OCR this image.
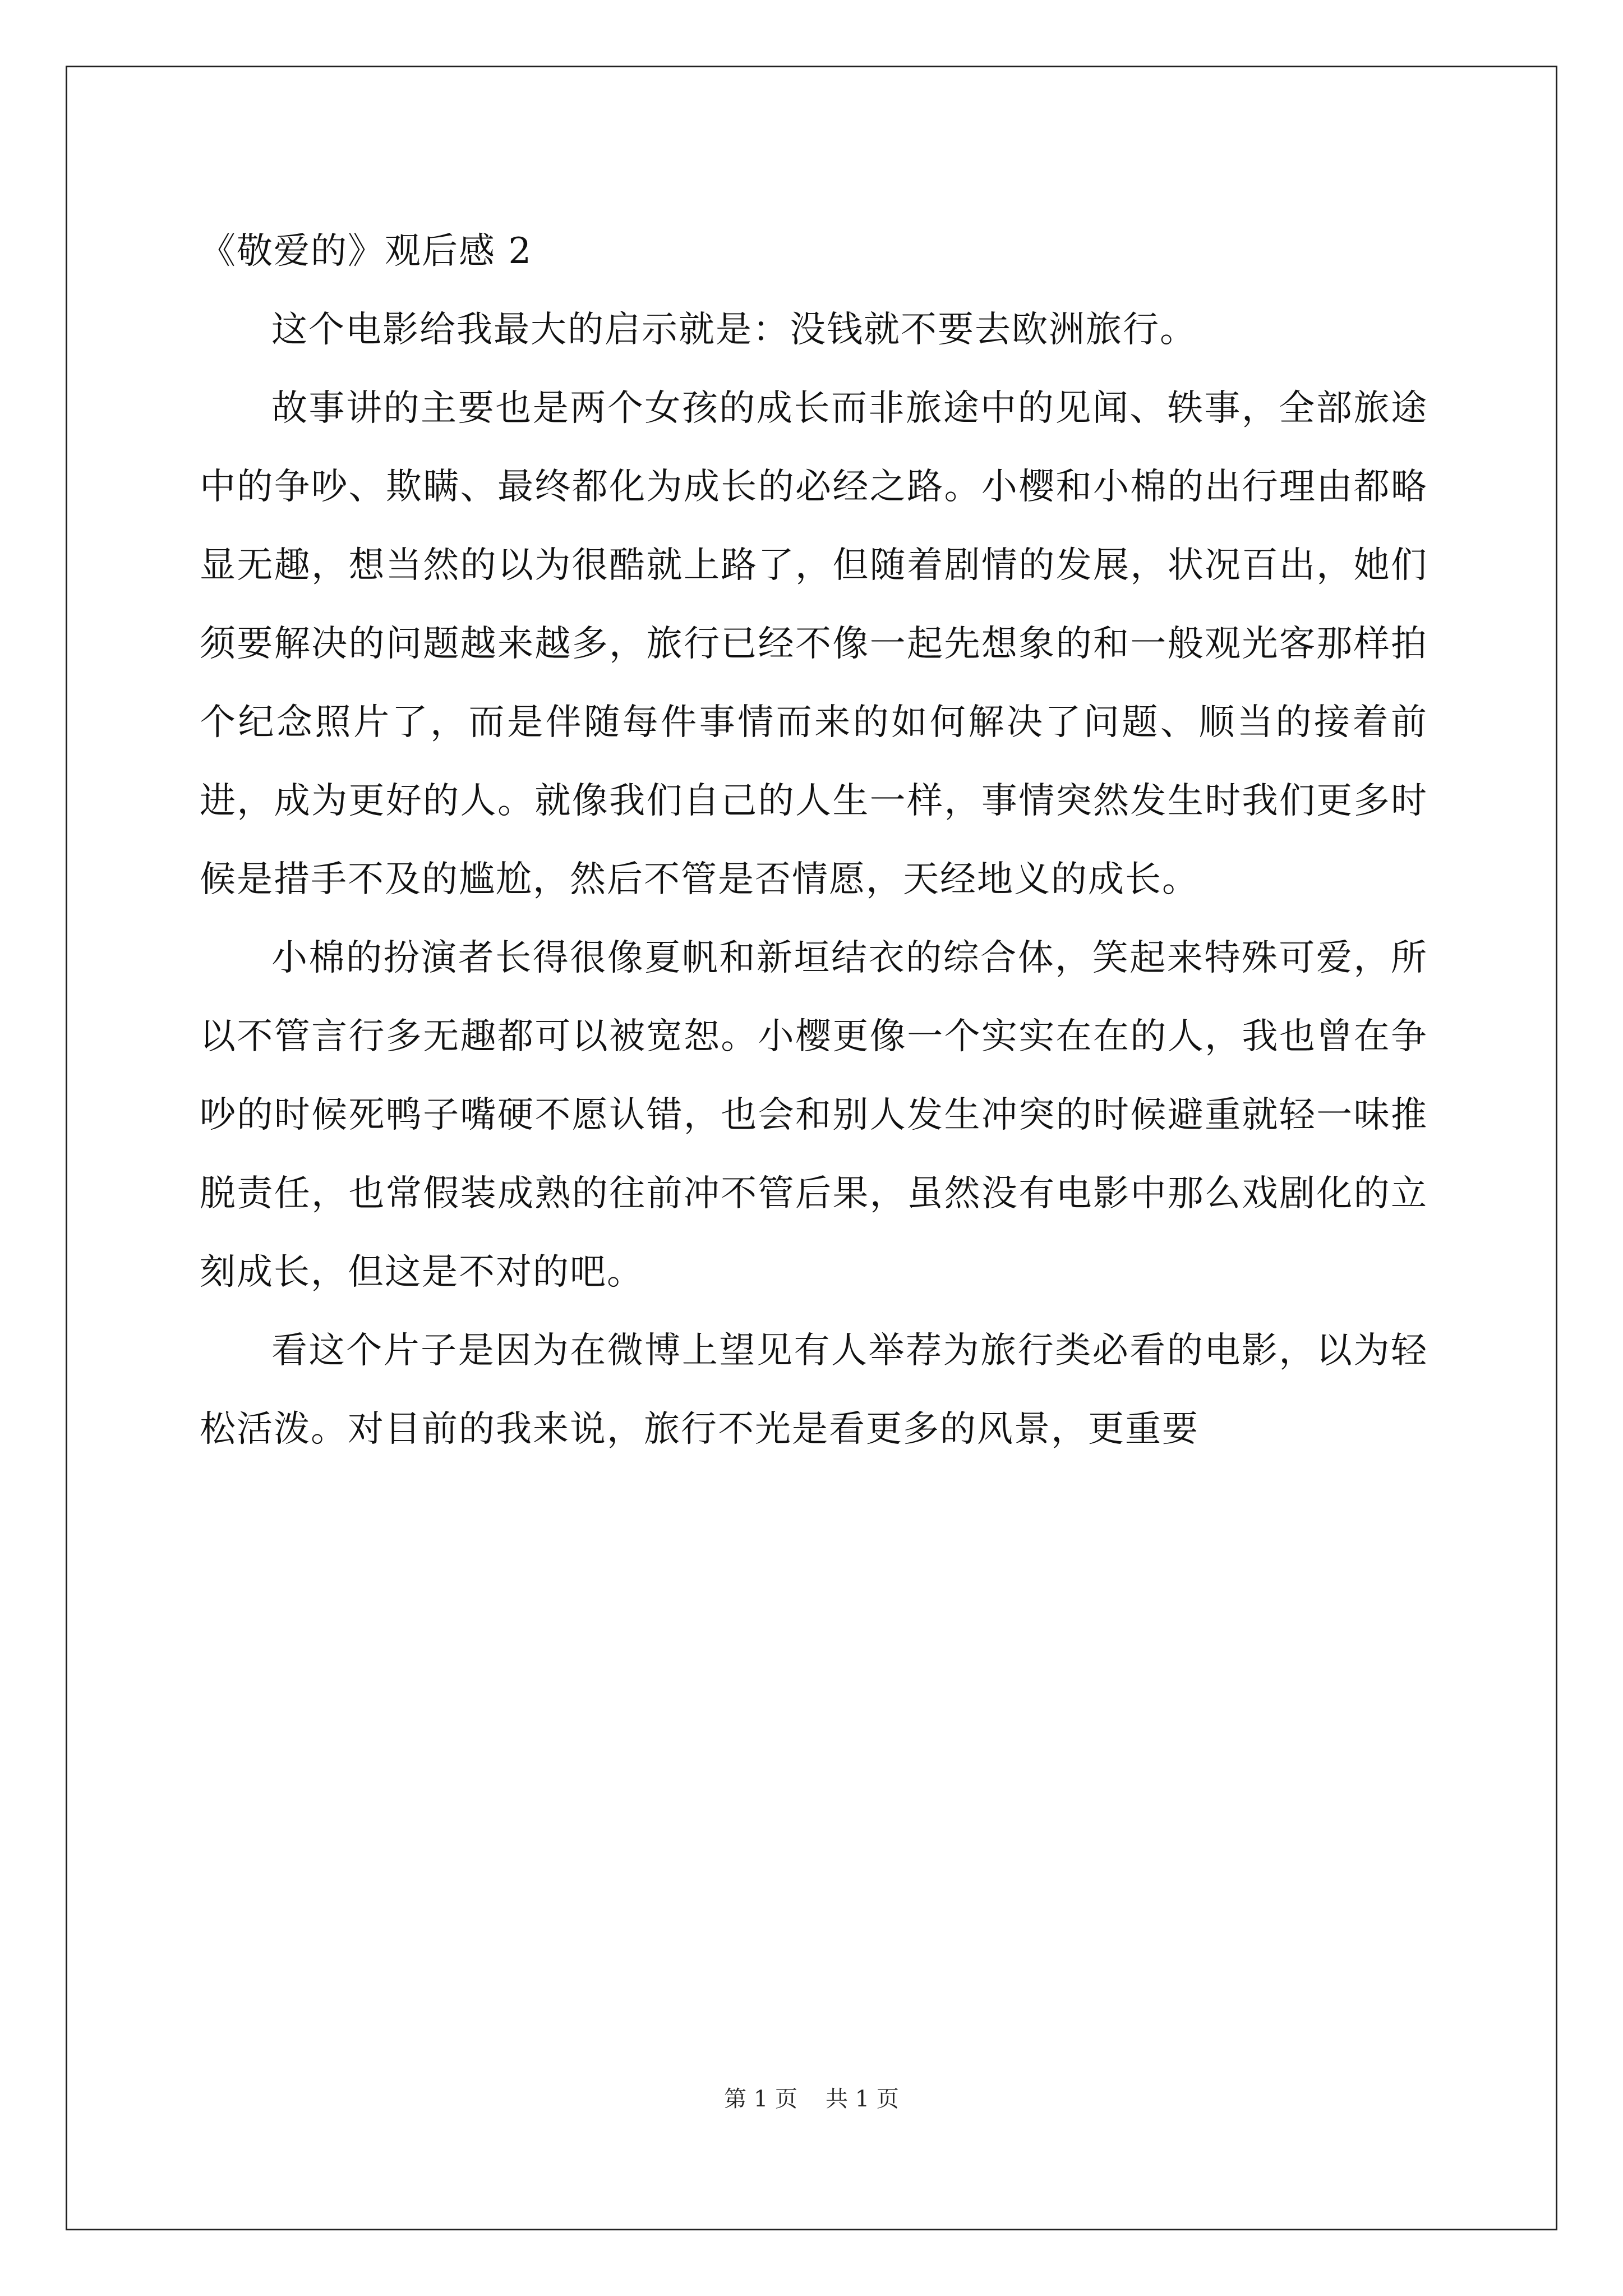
《敬爱的》观后感 2

这个电影给我最大的启示就是：没钱就不要去欧洲旅行。

故事讲的主要也是两个女孩的成长而非旅途中的见闻、轶事，全部旅途中的争吵、欺瞒、最终都化为成长的必经之路。小樱和小棉的出行理由都略显无趣，想当然的以为很酷就上路了，但随着剧情的发展，状况百出，她们须要解决的问题越来越多，旅行已经不像一起先想象的和一般观光客那样拍个纪念照片了，而是伴随每件事情而来的如何解决了问题、顺当的接着前进，成为更好的人。就像我们自己的人生一样，事情突然发生时我们更多时候是措手不及的尴尬，然后不管是否情愿，天经地义的成长。

小棉的扮演者长得很像夏帆和新垣结衣的综合体，笑起来特殊可爱，所以不管言行多无趣都可以被宽恕。小樱更像一个实实在在的人，我也曾在争吵的时候死鸭子嘴硬不愿认错，也会和别人发生冲突的时候避重就轻一味推脱责任，也常假装成熟的往前冲不管后果，虽然没有电影中那么戏剧化的立刻成长，但这是不对的吧。

看这个片子是因为在微博上望见有人举荐为旅行类必看的电影，以为轻松活泼。对目前的我来说，旅行不光是看更多的风景，更重要

第 1 页 共 1 页
